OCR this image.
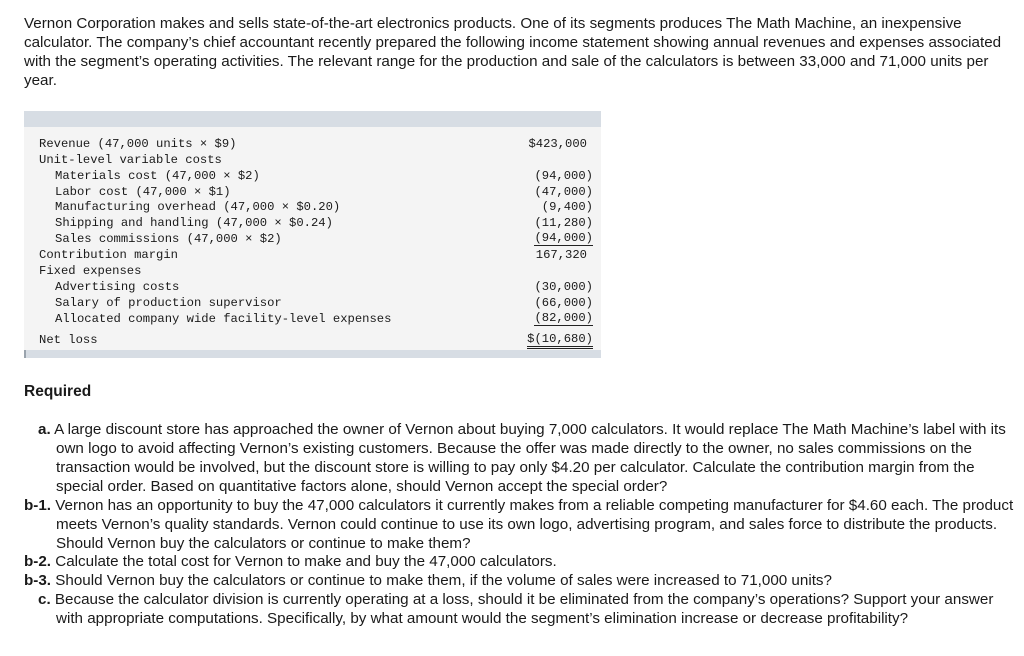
Vernon Corporation makes and sells state-of-the-art electronics products. One of its segments produces The Math Machine, an inexpensive calculator. The company’s chief accountant recently prepared the following income statement showing annual revenues and expenses associated with the segment’s operating activities. The relevant range for the production and sale of the calculators is between 33,000 and 71,000 units per year.
Revenue (47,000 units × $9)	$423,000
Unit-level variable costs
Materials cost (47,000 × $2)	(94,000)
Labor cost (47,000 × $1)	(47,000)
Manufacturing overhead (47,000 × $0.20)	(9,400)
Shipping and handling (47,000 × $0.24)	(11,280)
Sales commissions (47,000 × $2)	(94,000)
Contribution margin	167,320
Fixed expenses
Advertising costs	(30,000)
Salary of production supervisor	(66,000)
Allocated company wide facility-level expenses	(82,000)
Net loss	$(10,680)
Required
a. A large discount store has approached the owner of Vernon about buying 7,000 calculators. It would replace The Math Machine’s label with its own logo to avoid affecting Vernon’s existing customers. Because the offer was made directly to the owner, no sales commissions on the transaction would be involved, but the discount store is willing to pay only $4.20 per calculator. Calculate the contribution margin from the special order. Based on quantitative factors alone, should Vernon accept the special order?
b-1. Vernon has an opportunity to buy the 47,000 calculators it currently makes from a reliable competing manufacturer for $4.60 each. The product meets Vernon’s quality standards. Vernon could continue to use its own logo, advertising program, and sales force to distribute the products. Should Vernon buy the calculators or continue to make them?
b-2. Calculate the total cost for Vernon to make and buy the 47,000 calculators.
b-3. Should Vernon buy the calculators or continue to make them, if the volume of sales were increased to 71,000 units?
c. Because the calculator division is currently operating at a loss, should it be eliminated from the company’s operations? Support your answer with appropriate computations. Specifically, by what amount would the segment’s elimination increase or decrease profitability?
